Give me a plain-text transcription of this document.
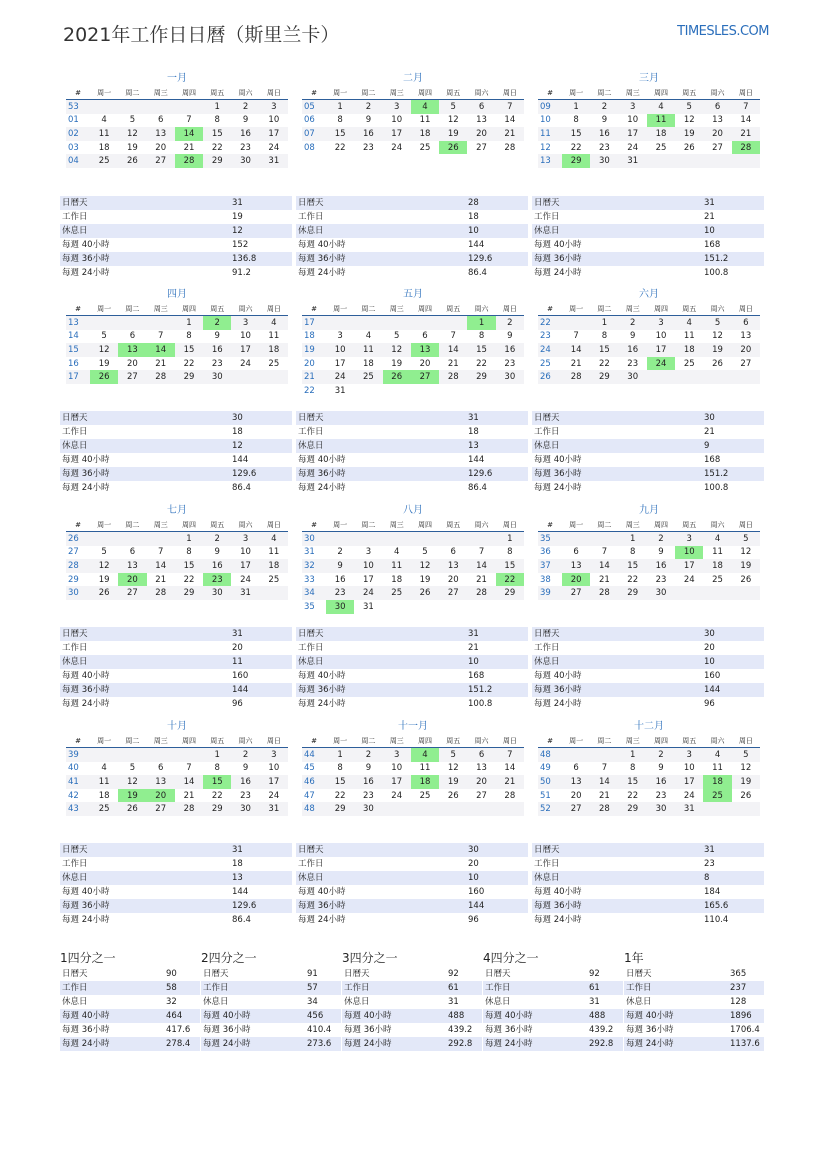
2021年工作日日曆（斯里兰卡）	TIMESLES.COM
一月
#	周一	周二	周三	周四	周五	周六	周日
53					1	2	3
01	4	5	6	7	8	9	10
02	11	12	13	14	15	16	17
03	18	19	20	21	22	23	24
04	25	26	27	28	29	30	31
日曆天	31
工作日	19
休息日	12
每週 40小時	152
每週 36小時	136.8
每週 24小時	91.2
二月
#	周一	周二	周三	周四	周五	周六	周日
05	1	2	3	4	5	6	7
06	8	9	10	11	12	13	14
07	15	16	17	18	19	20	21
08	22	23	24	25	26	27	28
日曆天	28
工作日	18
休息日	10
每週 40小時	144
每週 36小時	129.6
每週 24小時	86.4
三月
#	周一	周二	周三	周四	周五	周六	周日
09	1	2	3	4	5	6	7
10	8	9	10	11	12	13	14
11	15	16	17	18	19	20	21
12	22	23	24	25	26	27	28
13	29	30	31				
日曆天	31
工作日	21
休息日	10
每週 40小時	168
每週 36小時	151.2
每週 24小時	100.8
四月
#	周一	周二	周三	周四	周五	周六	周日
13				1	2	3	4
14	5	6	7	8	9	10	11
15	12	13	14	15	16	17	18
16	19	20	21	22	23	24	25
17	26	27	28	29	30		
日曆天	30
工作日	18
休息日	12
每週 40小時	144
每週 36小時	129.6
每週 24小時	86.4
五月
#	周一	周二	周三	周四	周五	周六	周日
17						1	2
18	3	4	5	6	7	8	9
19	10	11	12	13	14	15	16
20	17	18	19	20	21	22	23
21	24	25	26	27	28	29	30
22	31						
日曆天	31
工作日	18
休息日	13
每週 40小時	144
每週 36小時	129.6
每週 24小時	86.4
六月
#	周一	周二	周三	周四	周五	周六	周日
22		1	2	3	4	5	6
23	7	8	9	10	11	12	13
24	14	15	16	17	18	19	20
25	21	22	23	24	25	26	27
26	28	29	30				
日曆天	30
工作日	21
休息日	9
每週 40小時	168
每週 36小時	151.2
每週 24小時	100.8
七月
#	周一	周二	周三	周四	周五	周六	周日
26				1	2	3	4
27	5	6	7	8	9	10	11
28	12	13	14	15	16	17	18
29	19	20	21	22	23	24	25
30	26	27	28	29	30	31	
日曆天	31
工作日	20
休息日	11
每週 40小時	160
每週 36小時	144
每週 24小時	96
八月
#	周一	周二	周三	周四	周五	周六	周日
30							1
31	2	3	4	5	6	7	8
32	9	10	11	12	13	14	15
33	16	17	18	19	20	21	22
34	23	24	25	26	27	28	29
35	30	31					
日曆天	31
工作日	21
休息日	10
每週 40小時	168
每週 36小時	151.2
每週 24小時	100.8
九月
#	周一	周二	周三	周四	周五	周六	周日
35			1	2	3	4	5
36	6	7	8	9	10	11	12
37	13	14	15	16	17	18	19
38	20	21	22	23	24	25	26
39	27	28	29	30			
日曆天	30
工作日	20
休息日	10
每週 40小時	160
每週 36小時	144
每週 24小時	96
十月
#	周一	周二	周三	周四	周五	周六	周日
39					1	2	3
40	4	5	6	7	8	9	10
41	11	12	13	14	15	16	17
42	18	19	20	21	22	23	24
43	25	26	27	28	29	30	31
日曆天	31
工作日	18
休息日	13
每週 40小時	144
每週 36小時	129.6
每週 24小時	86.4
十一月
#	周一	周二	周三	周四	周五	周六	周日
44	1	2	3	4	5	6	7
45	8	9	10	11	12	13	14
46	15	16	17	18	19	20	21
47	22	23	24	25	26	27	28
48	29	30					
日曆天	30
工作日	20
休息日	10
每週 40小時	160
每週 36小時	144
每週 24小時	96
十二月
#	周一	周二	周三	周四	周五	周六	周日
48			1	2	3	4	5
49	6	7	8	9	10	11	12
50	13	14	15	16	17	18	19
51	20	21	22	23	24	25	26
52	27	28	29	30	31		
日曆天	31
工作日	23
休息日	8
每週 40小時	184
每週 36小時	165.6
每週 24小時	110.4
1四分之一
日曆天	90
工作日	58
休息日	32
每週 40小時	464
每週 36小時	417.6
每週 24小時	278.4
2四分之一
日曆天	91
工作日	57
休息日	34
每週 40小時	456
每週 36小時	410.4
每週 24小時	273.6
3四分之一
日曆天	92
工作日	61
休息日	31
每週 40小時	488
每週 36小時	439.2
每週 24小時	292.8
4四分之一
日曆天	92
工作日	61
休息日	31
每週 40小時	488
每週 36小時	439.2
每週 24小時	292.8
1年
日曆天	365
工作日	237
休息日	128
每週 40小時	1896
每週 36小時	1706.4
每週 24小時	1137.6
